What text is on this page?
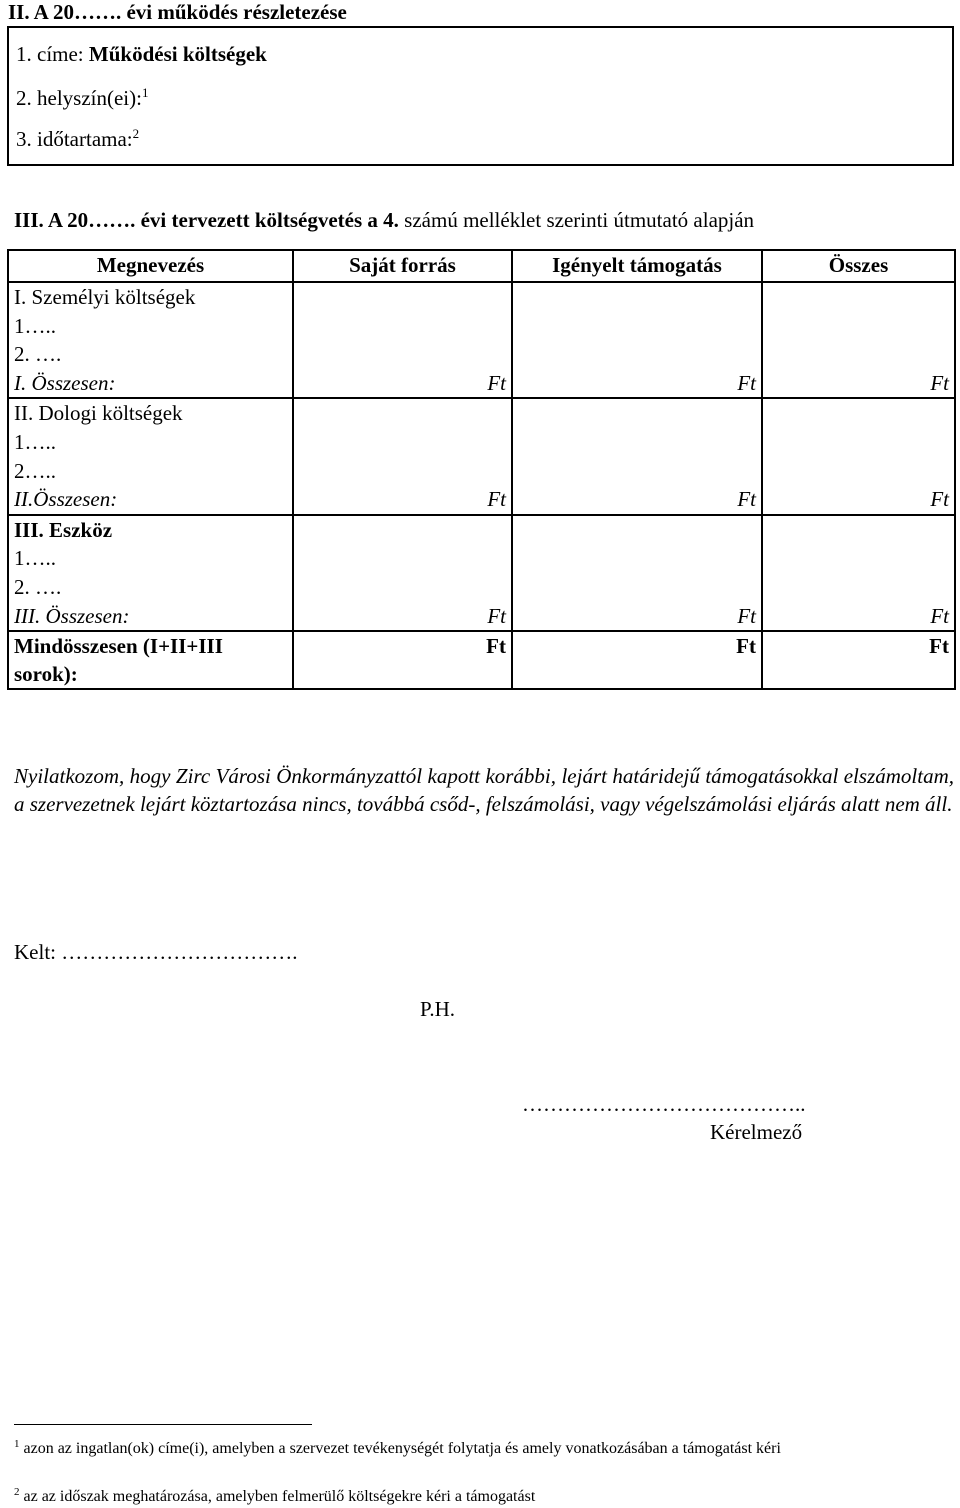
II. A 20……. évi működés részletezése
1. címe: Működési költségek
2. helyszín(ei):$^1$
3. időtartama:$^2$
III. A 20……. évi tervezett költségvetés a 4. számú melléklet szerinti útmutató alapján
Megnevezés	Saját forrás	Igényelt támogatás	Összes
I. Személyi költségek			
1…..			
2. ….			
I. Összesen:	Ft	Ft	Ft
II. Dologi költségek			
1…..			
2…..			
II.Összesen:	Ft	Ft	Ft
III. Eszköz			
1…..			
2. ….			
III. Összesen:	Ft	Ft	Ft
Mindösszesen (I+II+III sorok):	Ft	Ft	Ft
Nyilatkozom, hogy Zirc Városi Önkormányzattól kapott korábbi, lejárt határidejű támogatásokkal elszámoltam, a szervezetnek lejárt köztartozása nincs, továbbá csőd-, felszámolási, vagy végelszámolási eljárás alatt nem áll.
Kelt: …………………………….
P.H.
…………………………………..
Kérelmező
$^1$ azon az ingatlan(ok) címe(i), amelyben a szervezet tevékenységét folytatja és amely vonatkozásában a támogatást kéri
$^2$ az az időszak meghatározása, amelyben felmerülő költségekre kéri a támogatást
